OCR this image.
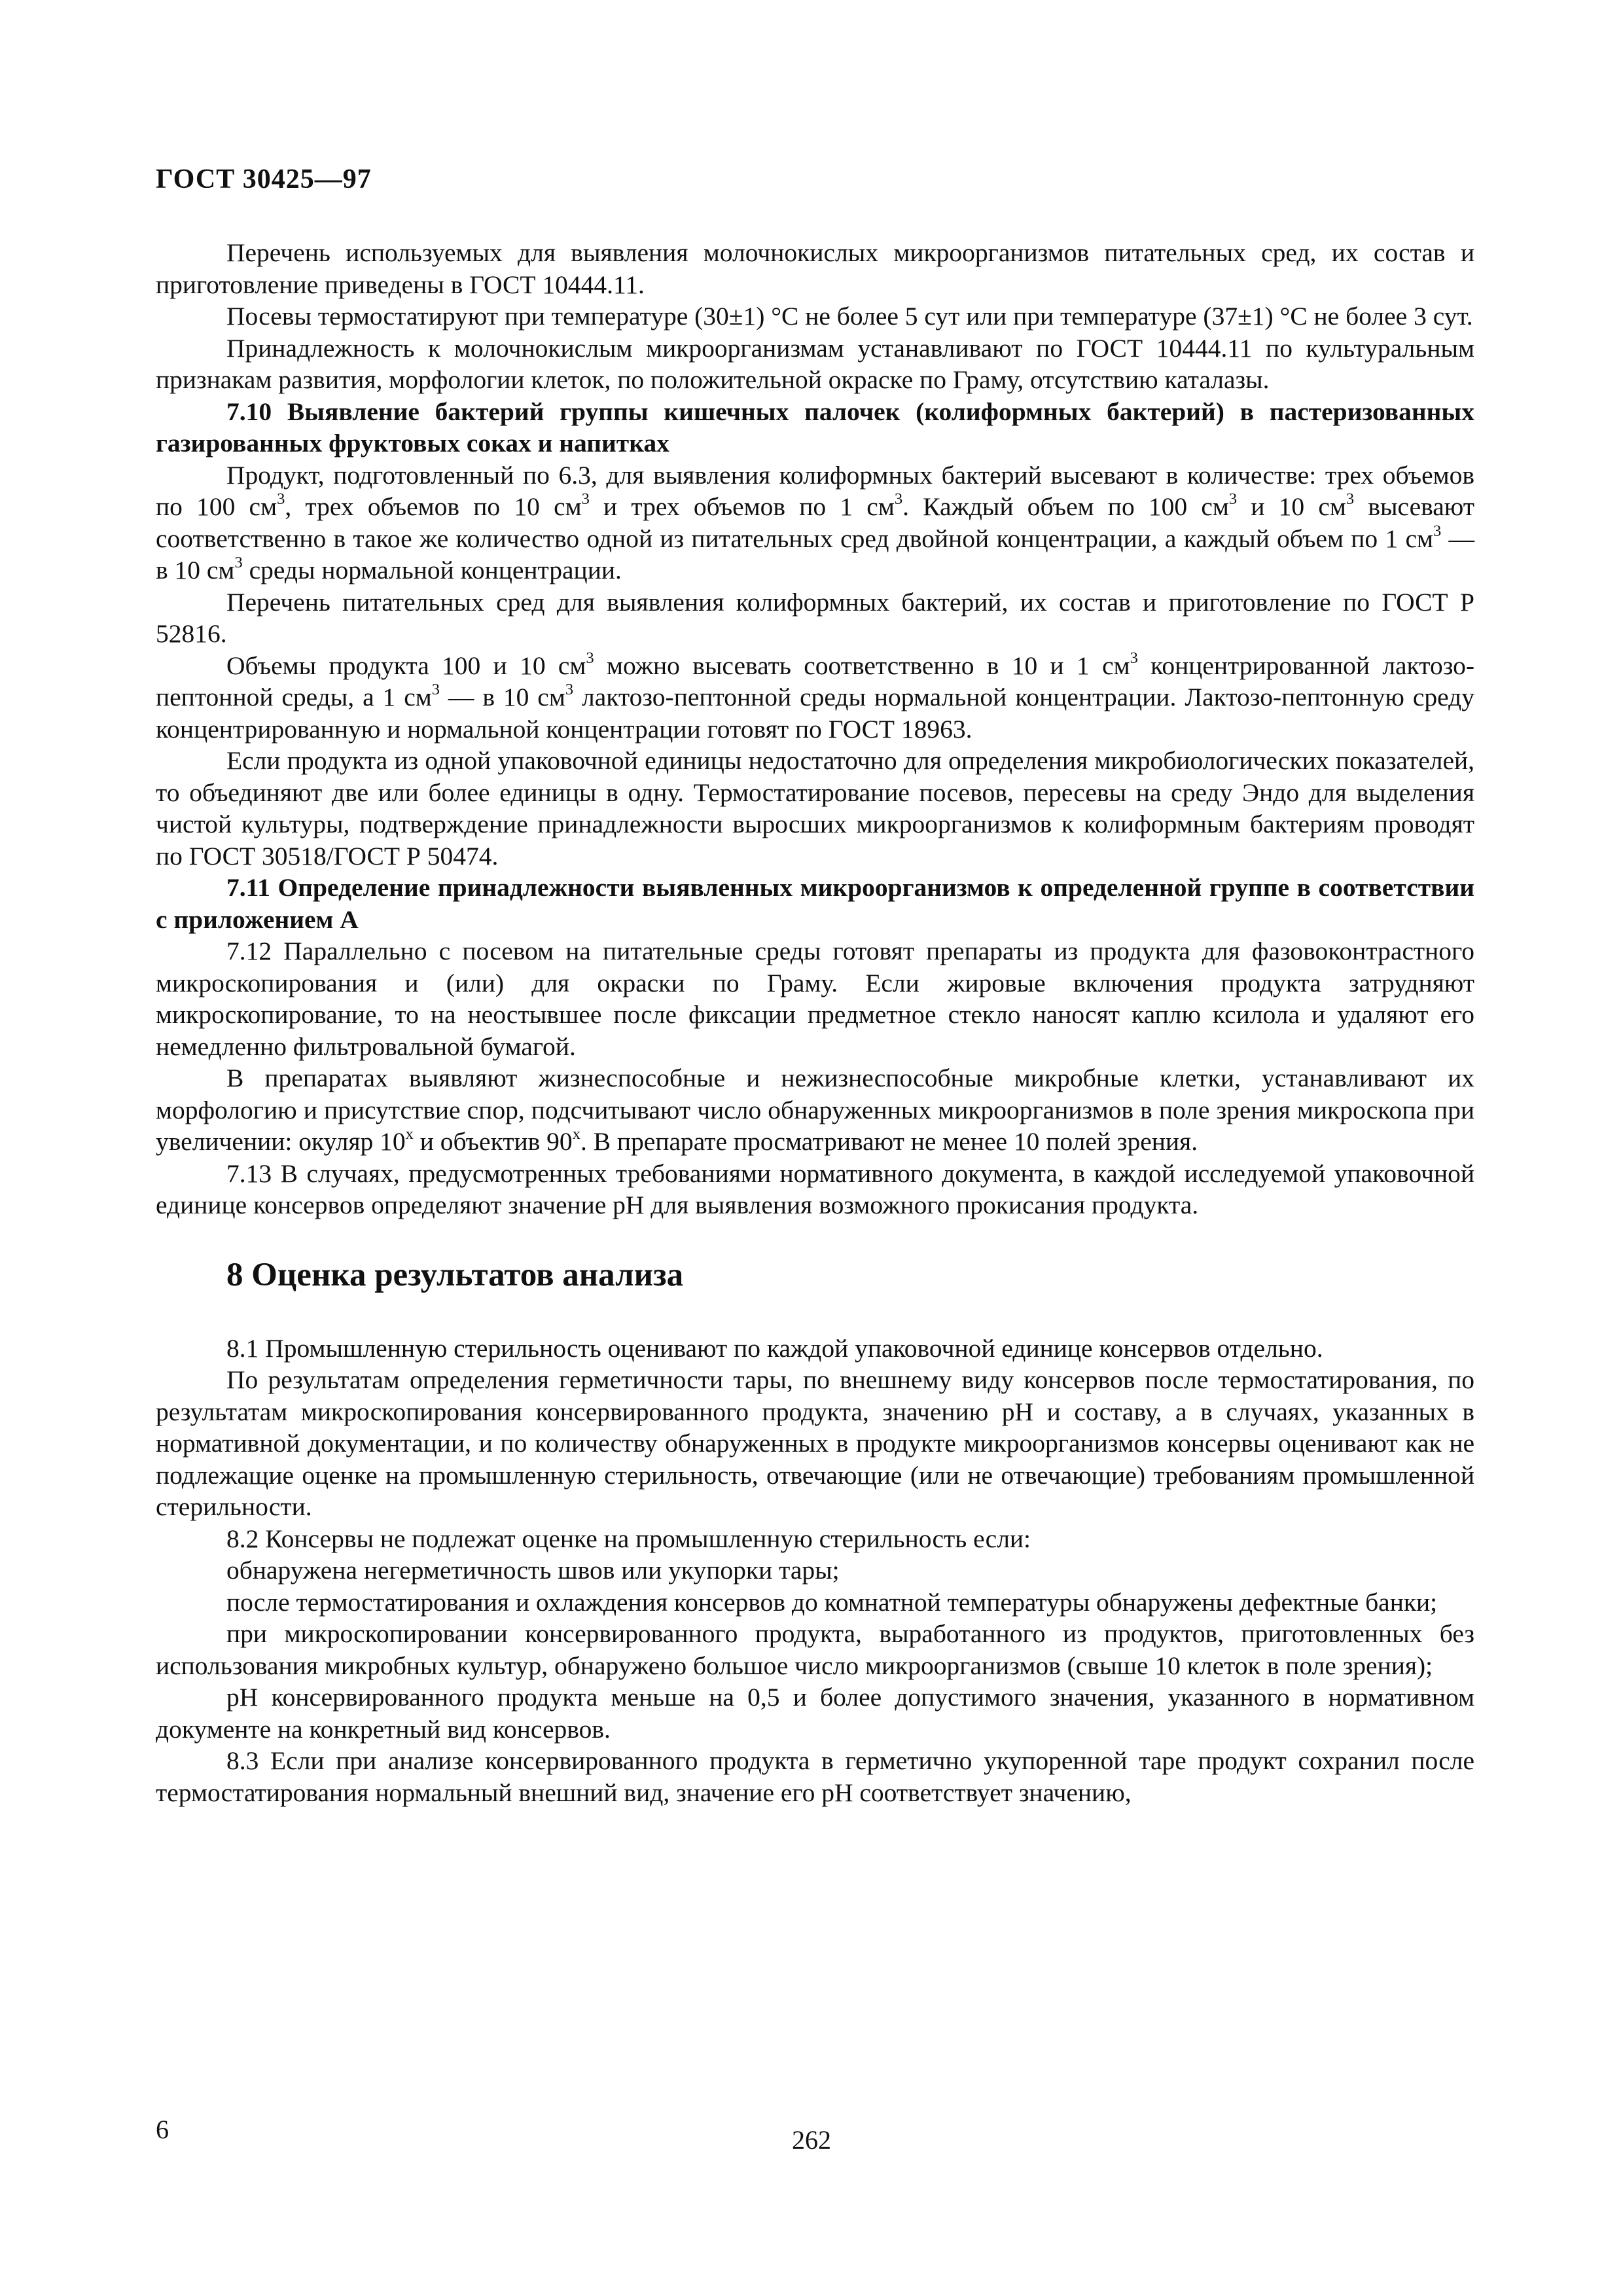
ГОСТ 30425—97

Перечень используемых для выявления молочнокислых микроорганизмов питательных сред, их состав и приготовление приведены в ГОСТ 10444.11.

Посевы термостатируют при температуре (30±1) °С не более 5 сут или при температуре (37±1) °С не более 3 сут.

Принадлежность к молочнокислым микроорганизмам устанавливают по ГОСТ 10444.11 по культуральным признакам развития, морфологии клеток, по положительной окраске по Граму, отсутствию каталазы.

7.10 Выявление бактерий группы кишечных палочек (колиформных бактерий) в пастеризованных газированных фруктовых соках и напитках

Продукт, подготовленный по 6.3, для выявления колиформных бактерий высевают в количестве: трех объемов по 100 $см^3$, трех объемов по 10 $см^3$ и трех объемов по 1 $см^3$. Каждый объем по 100 $см^3$ и 10 $см^3$ высевают соответственно в такое же количество одной из питательных сред двойной концентрации, а каждый объем по 1 $см^3$ — в 10 $см^3$ среды нормальной концентрации.

Перечень питательных сред для выявления колиформных бактерий, их состав и приготовление по ГОСТ Р 52816.

Объемы продукта 100 и 10 $см^3$ можно высевать соответственно в 10 и 1 $см^3$ концентрированной лактозо-пептонной среды, а 1 $см^3$ — в 10 $см^3$ лактозо-пептонной среды нормальной концентрации. Лактозо-пептонную среду концентрированную и нормальной концентрации готовят по ГОСТ 18963.

Если продукта из одной упаковочной единицы недостаточно для определения микробиологических показателей, то объединяют две или более единицы в одну. Термостатирование посевов, пересевы на среду Эндо для выделения чистой культуры, подтверждение принадлежности выросших микроорганизмов к колиформным бактериям проводят по ГОСТ 30518/ГОСТ Р 50474.

7.11 Определение принадлежности выявленных микроорганизмов к определенной группе в соответствии с приложением А

7.12 Параллельно с посевом на питательные среды готовят препараты из продукта для фазовоконтрастного микроскопирования и (или) для окраски по Граму. Если жировые включения продукта затрудняют микроскопирование, то на неостывшее после фиксации предметное стекло наносят каплю ксилола и удаляют его немедленно фильтровальной бумагой.

В препаратах выявляют жизнеспособные и нежизнеспособные микробные клетки, устанавливают их морфологию и присутствие спор, подсчитывают число обнаруженных микроорганизмов в поле зрения микроскопа при увеличении: окуляр 10$^x$ и объектив 90$^x$. В препарате просматривают не менее 10 полей зрения.

7.13 В случаях, предусмотренных требованиями нормативного документа, в каждой исследуемой упаковочной единице консервов определяют значение pH для выявления возможного прокисания продукта.

8 Оценка результатов анализа

8.1 Промышленную стерильность оценивают по каждой упаковочной единице консервов отдельно.

По результатам определения герметичности тары, по внешнему виду консервов после термостатирования, по результатам микроскопирования консервированного продукта, значению pH и составу, а в случаях, указанных в нормативной документации, и по количеству обнаруженных в продукте микроорганизмов консервы оценивают как не подлежащие оценке на промышленную стерильность, отвечающие (или не отвечающие) требованиям промышленной стерильности.

8.2 Консервы не подлежат оценке на промышленную стерильность если:

обнаружена негерметичность швов или укупорки тары;

после термостатирования и охлаждения консервов до комнатной температуры обнаружены дефектные банки;

при микроскопировании консервированного продукта, выработанного из продуктов, приготовленных без использования микробных культур, обнаружено большое число микроорганизмов (свыше 10 клеток в поле зрения);

pH консервированного продукта меньше на 0,5 и более допустимого значения, указанного в нормативном документе на конкретный вид консервов.

8.3 Если при анализе консервированного продукта в герметично укупоренной таре продукт сохранил после термостатирования нормальный внешний вид, значение его pH соответствует значению,

6	262
